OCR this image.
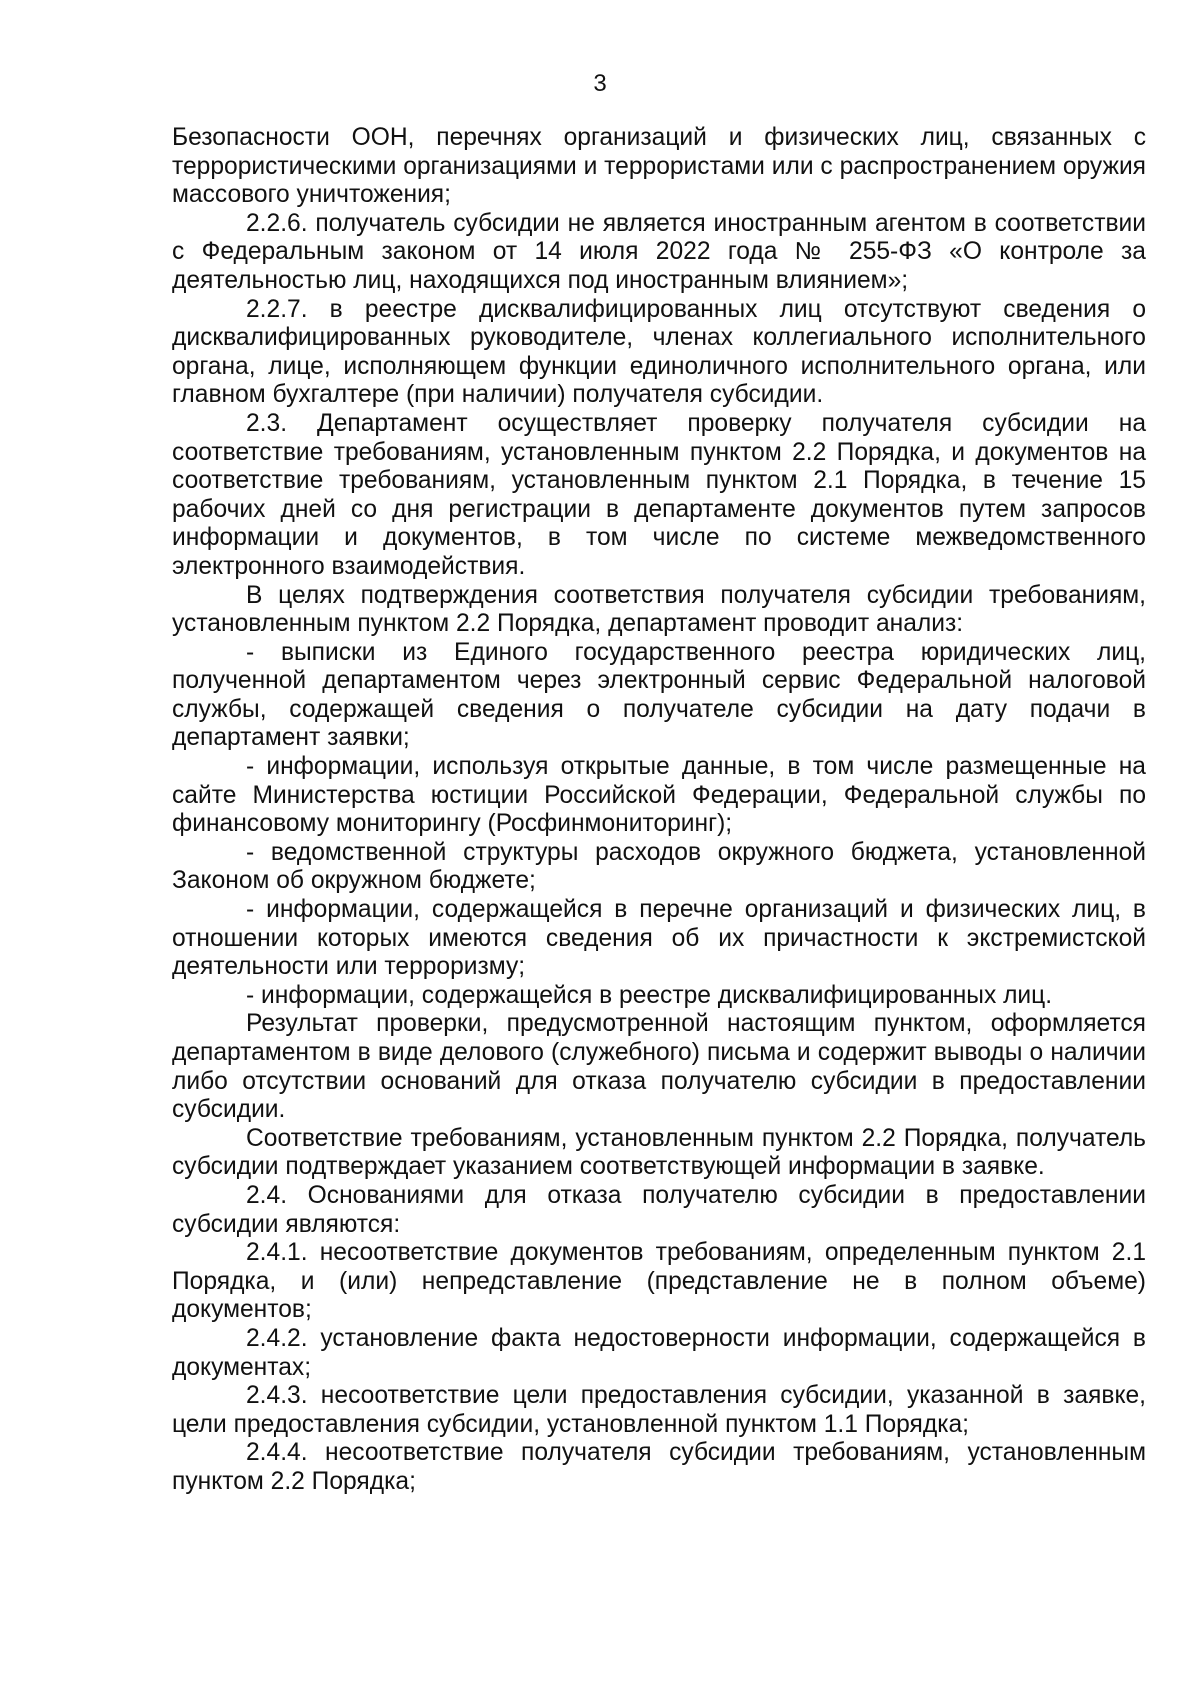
3

Безопасности ООН, перечнях организаций и физических лиц, связанных с террористическими организациями и террористами или с распространением оружия массового уничтожения;

2.2.6. получатель субсидии не является иностранным агентом в соответствии с Федеральным законом от 14 июля 2022 года № 255-ФЗ «О контроле за деятельностью лиц, находящихся под иностранным влиянием»;

2.2.7. в реестре дисквалифицированных лиц отсутствуют сведения о дисквалифицированных руководителе, членах коллегиального исполнительного органа, лице, исполняющем функции единоличного исполнительного органа, или главном бухгалтере (при наличии) получателя субсидии.

2.3. Департамент осуществляет проверку получателя субсидии на соответствие требованиям, установленным пунктом 2.2 Порядка, и документов на соответствие требованиям, установленным пунктом 2.1 Порядка, в течение 15 рабочих дней со дня регистрации в департаменте документов путем запросов информации и документов, в том числе по системе межведомственного электронного взаимодействия.

В целях подтверждения соответствия получателя субсидии требованиям, установленным пунктом 2.2 Порядка, департамент проводит анализ:

- выписки из Единого государственного реестра юридических лиц, полученной департаментом через электронный сервис Федеральной налоговой службы, содержащей сведения о получателе субсидии на дату подачи в департамент заявки;

- информации, используя открытые данные, в том числе размещенные на сайте Министерства юстиции Российской Федерации, Федеральной службы по финансовому мониторингу (Росфинмониторинг);

- ведомственной структуры расходов окружного бюджета, установленной Законом об окружном бюджете;

- информации, содержащейся в перечне организаций и физических лиц, в отношении которых имеются сведения об их причастности к экстремистской деятельности или терроризму;

- информации, содержащейся в реестре дисквалифицированных лиц.

Результат проверки, предусмотренной настоящим пунктом, оформляется департаментом в виде делового (служебного) письма и содержит выводы о наличии либо отсутствии оснований для отказа получателю субсидии в предоставлении субсидии.

Соответствие требованиям, установленным пунктом 2.2 Порядка, получатель субсидии подтверждает указанием соответствующей информации в заявке.

2.4. Основаниями для отказа получателю субсидии в предоставлении субсидии являются:

2.4.1. несоответствие документов требованиям, определенным пунктом 2.1 Порядка, и (или) непредставление (представление не в полном объеме) документов;

2.4.2. установление факта недостоверности информации, содержащейся в документах;

2.4.3. несоответствие цели предоставления субсидии, указанной в заявке, цели предоставления субсидии, установленной пунктом 1.1 Порядка;

2.4.4. несоответствие получателя субсидии требованиям, установленным пунктом 2.2 Порядка;
